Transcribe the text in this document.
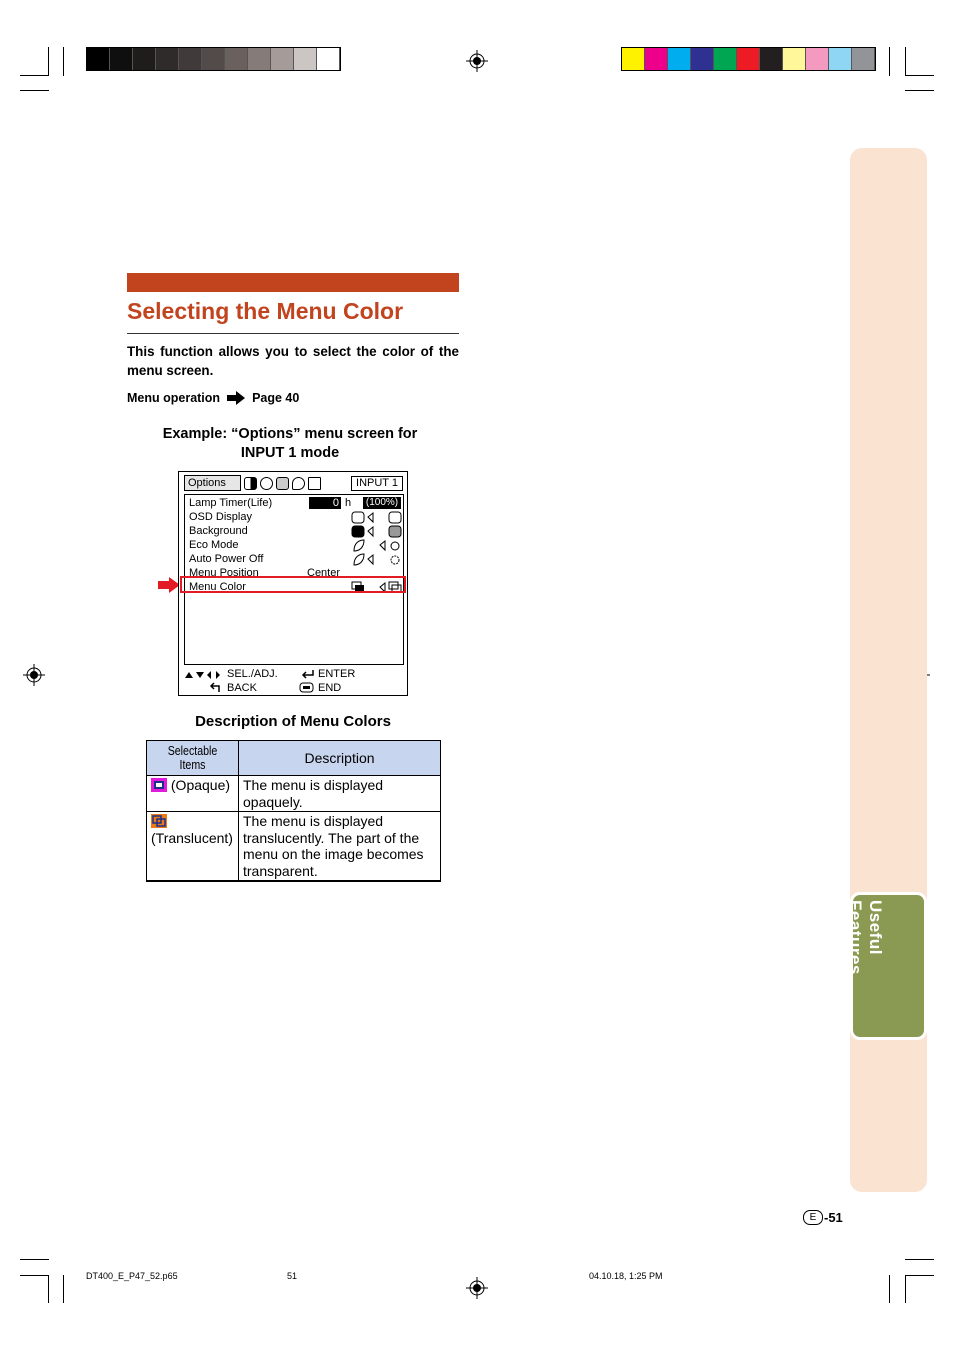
Useful Features
Selecting the Menu Color
This function allows you to select the color of the menu screen.
Menu operation	Page 40
Example: “Options” menu screen for
INPUT 1 mode
Options	INPUT 1
Lamp Timer(Life)	0 h (100%)
OSD Display
Background
Eco Mode
Auto Power Off
Menu Position
Menu Color
Center
SEL./ADJ.	ENTER
BACK	END
Description of Menu Colors
Selectable Items	Description
(Opaque)	The menu is displayed opaquely.

(Translucent)	The menu is displayed translucently. The part of the menu on the image becomes transparent.
E -51
DT400_E_P47_52.p65	51	04.10.18, 1:25 PM
